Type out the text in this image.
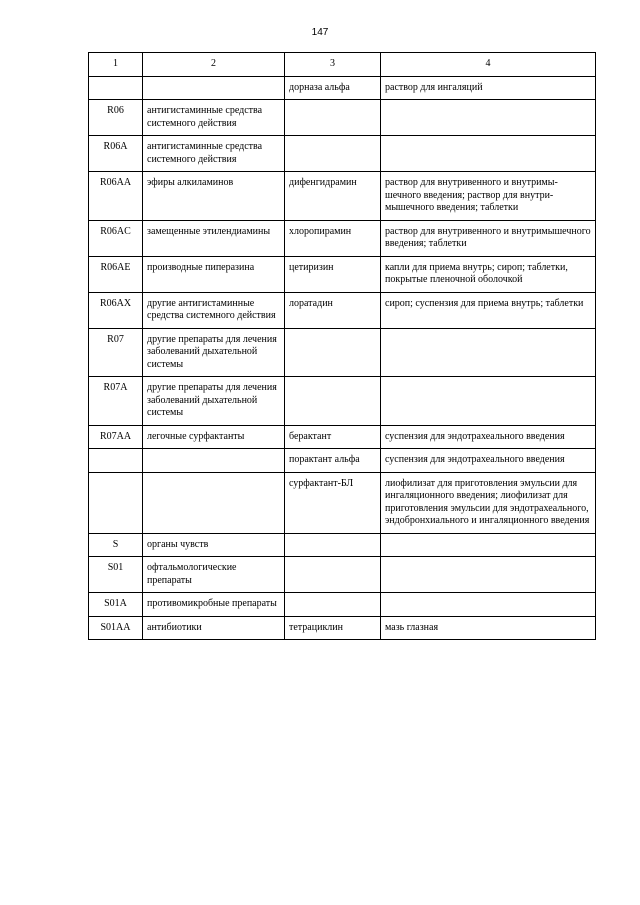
147
1	2	3	4
		дорназа альфа	раствор для ингаляций
R06	антигистаминные средства системного действия		
R06A	антигистаминные средства системного действия		
R06AA	эфиры алкиламинов	дифенгидрамин	раствор для внутривенного и внутримы-шечного введения; раствор для внутри-мышечного введения; таблетки
R06AC	замещенные этилендиамины	хлоропирамин	раствор для внутривенного и внутримышечного введения; таблетки
R06AE	производные пиперазина	цетиризин	капли для приема внутрь; сироп; таблетки, покрытые пленочной оболочкой
R06AX	другие антигистаминные средства системного действия	лоратадин	сироп; суспензия для приема внутрь; таблетки
R07	другие препараты для лечения заболеваний дыхательной системы		
R07A	другие препараты для лечения заболеваний дыхательной системы		
R07AA	легочные сурфактанты	берактант	суспензия для эндотрахеального введения
		порактант альфа	суспензия для эндотрахеального введения
		сурфактант-БЛ	лиофилизат для приготовления эмульсии для ингаляционного введения; лиофилизат для приготовления эмульсии для эндотрахеального, эндобронхиального и ингаляционного введения
S	органы чувств		
S01	офтальмологические препараты		
S01A	противомикробные препараты		
S01AA	антибиотики	тетрациклин	мазь глазная
